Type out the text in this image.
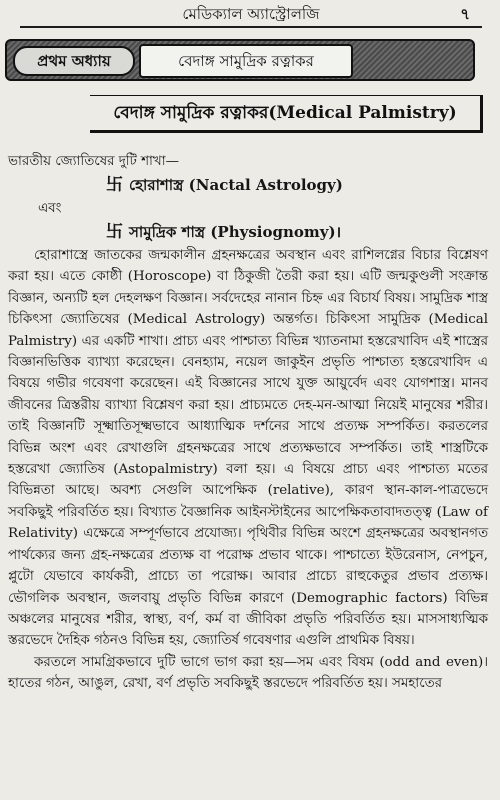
মেডিক্যাল অ্যাস্ট্রোলজি	৭
প্রথম অধ্যায়	বেদাঙ্গ সামুদ্রিক রত্নাকর
বেদাঙ্গ সামুদ্রিক রত্নাকর(Medical Palmistry)

ভারতীয় জ্যোতিষের দুটি শাখা—

卐 হোরাশাস্ত্র (Nactal Astrology)

এবং

卐 সামুদ্রিক শাস্ত্র (Physiognomy)।

হোরাশাস্ত্রে জাতকের জন্মকালীন গ্রহনক্ষত্রের অবস্থান এবং রাশিলগ্নের বিচার বিশ্লেষণ করা হয়। এতে কোষ্ঠী (Horoscope) বা ঠিকুজী তৈরী করা হয়। এটি জন্মকুণ্ডলী সংক্রান্ত বিজ্ঞান, অন্যটি হল দেহলক্ষণ বিজ্ঞান। সর্বদেহের নানান চিহ্ন এর বিচার্য বিষয়। সামুদ্রিক শাস্ত্র চিকিৎসা জ্যোতিষের (Medical Astrology) অন্তর্গত। চিকিৎসা সামুদ্রিক (Medical Palmistry) এর একটি শাখা। প্রাচ্য এবং পাশ্চাত্য বিভিন্ন খ্যাতনামা হস্তরেখাবিদ এই শাস্ত্রের বিজ্ঞানভিত্তিক ব্যাখ্যা করেছেন। বেনহ্যাম, নয়েল জাকুইন প্রভৃতি পাশ্চাত্য হস্তরেখাবিদ এ বিষয়ে গভীর গবেষণা করেছেন। এই বিজ্ঞানের সাথে যুক্ত আয়ুর্বেদ এবং যোগশাস্ত্র। মানব জীবনের ত্রিস্তরীয় ব্যাখ্যা বিশ্লেষণ করা হয়। প্রাচ্যমতে দেহ-মন-আত্মা নিয়েই মানুষের শরীর। তাই বিজ্ঞানটি সূক্ষ্মাতিসূক্ষ্মভাবে আধ্যাত্মিক দর্শনের সাথে প্রত্যক্ষ সম্পর্কিত। করতলের বিভিন্ন অংশ এবং রেখাগুলি গ্রহনক্ষত্রের সাথে প্রত্যক্ষভাবে সম্পর্কিত। তাই শাস্ত্রটিকে হস্তরেখা জ্যোতিষ (Astopalmistry) বলা হয়। এ বিষয়ে প্রাচ্য এবং পাশ্চাত্য মতের বিভিন্নতা আছে। অবশ্য সেগুলি আপেক্ষিক (relative), কারণ স্থান-কাল-পাত্রভেদে সবকিছুই পরিবর্তিত হয়। বিখ্যাত বৈজ্ঞানিক আইনস্টাইনের আপেক্ষিকতাবাদতত্ত্ব (Law of Relativity) এক্ষেত্রে সম্পূর্ণভাবে প্রযোজ্য। পৃথিবীর বিভিন্ন অংশে গ্রহনক্ষত্রের অবস্থানগত পার্থক্যের জন্য গ্রহ-নক্ষত্রের প্রত্যক্ষ বা পরোক্ষ প্রভাব থাকে। পাশ্চাত্যে ইউরেনাস, নেপচুন, প্লুটো যেভাবে কার্যকরী, প্রাচ্যে তা পরোক্ষ। আবার প্রাচ্যে রাহুকেতুর প্রভাব প্রত্যক্ষ। ভৌগলিক অবস্থান, জলবায়ু প্রভৃতি বিভিন্ন কারণে (Demographic factors) বিভিন্ন অঞ্চলের মানুষের শরীর, স্বাস্থ্য, বর্ণ, কর্ম বা জীবিকা প্রভৃতি পরিবর্তিত হয়। মাসসাধ্যত্মিক স্তরভেদে দৈহিক গঠনও বিভিন্ন হয়, জ্যোতির্ষ গবেষণার এগুলি প্রাথমিক বিষয়।

করতলে সামগ্রিকভাবে দুটি ভাগে ভাগ করা হয়—সম এবং বিষম (odd and even)। হাতের গঠন, আঙুল, রেখা, বর্ণ প্রভৃতি সবকিছুই স্তরভেদে পরিবর্তিত হয়। সমহাতের
